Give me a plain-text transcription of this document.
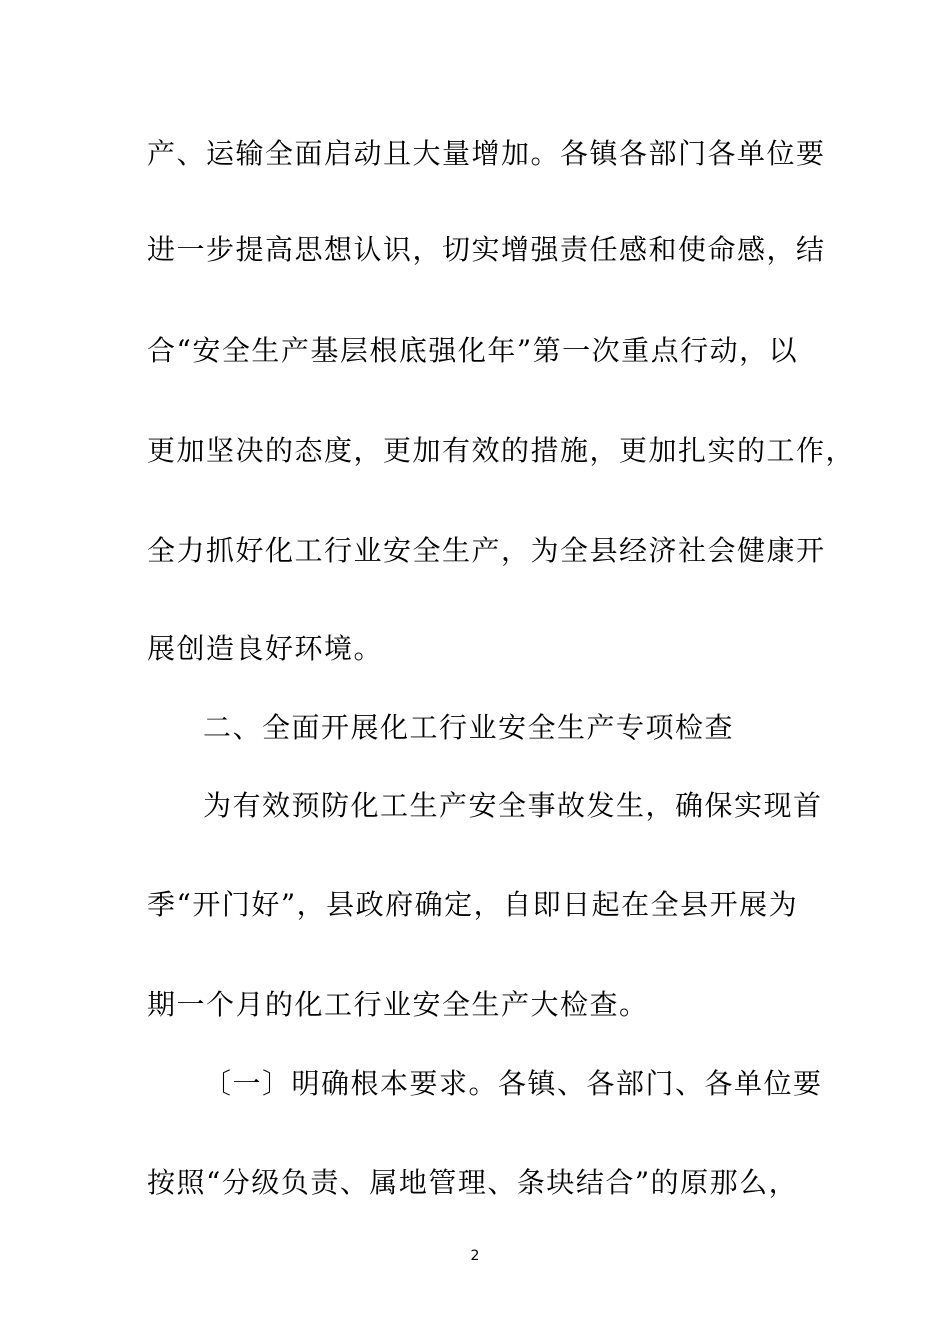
产、运输全面启动且大量增加。各镇各部门各单位要
进一步提高思想认识，切实增强责任感和使命感，结
合“安全生产基层根底强化年”第一次重点行动，以
更加坚决的态度，更加有效的措施，更加扎实的工作，
全力抓好化工行业安全生产，为全县经济社会健康开
展创造良好环境。
二、全面开展化工行业安全生产专项检查
为有效预防化工生产安全事故发生，确保实现首
季“开门好”，县政府确定，自即日起在全县开展为
期一个月的化工行业安全生产大检查。
〔一〕明确根本要求。各镇、各部门、各单位要
按照“分级负责、属地管理、条块结合”的原那么，
2
